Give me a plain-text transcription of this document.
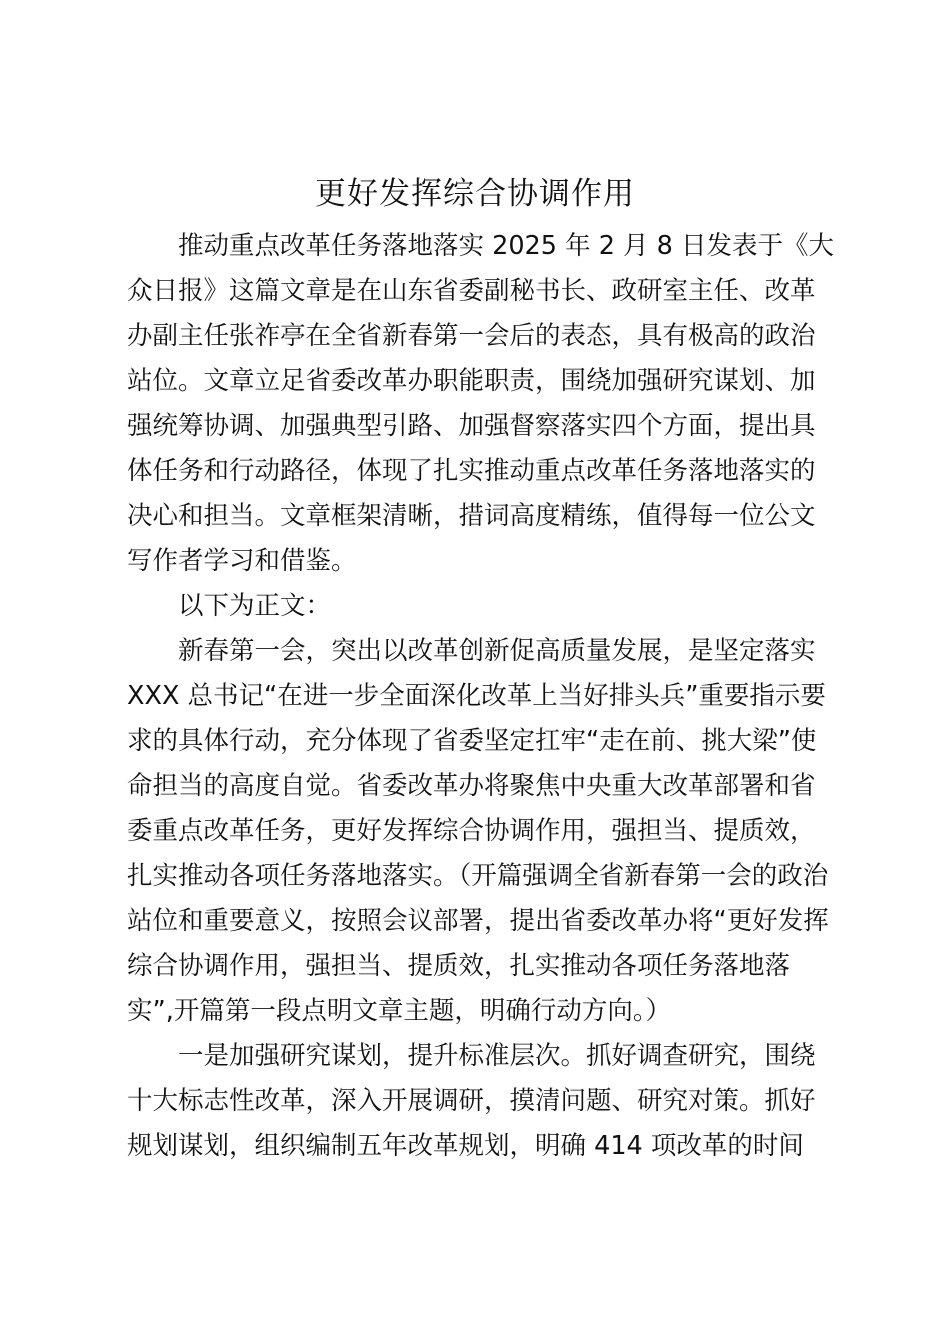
更好发挥综合协调作用

推动重点改革任务落地落实 2025 年 2 月 8 日发表于《大

众日报》这篇文章是在山东省委副秘书长、政研室主任、改革

办副主任张祚亭在全省新春第一会后的表态，具有极高的政治

站位。文章立足省委改革办职能职责，围绕加强研究谋划、加

强统筹协调、加强典型引路、加强督察落实四个方面，提出具

体任务和行动路径，体现了扎实推动重点改革任务落地落实的

决心和担当。文章框架清晰，措词高度精练，值得每一位公文

写作者学习和借鉴。

以下为正文：

新春第一会，突出以改革创新促高质量发展，是坚定落实

XXX 总书记“在进一步全面深化改革上当好排头兵”重要指示要

求的具体行动，充分体现了省委坚定扛牢“走在前、挑大梁”使

命担当的高度自觉。省委改革办将聚焦中央重大改革部署和省

委重点改革任务，更好发挥综合协调作用，强担当、提质效，

扎实推动各项任务落地落实。（开篇强调全省新春第一会的政治

站位和重要意义，按照会议部署，提出省委改革办将“更好发挥

综合协调作用，强担当、提质效，扎实推动各项任务落地落

实”,开篇第一段点明文章主题，明确行动方向。）

一是加强研究谋划，提升标准层次。抓好调查研究，围绕

十大标志性改革，深入开展调研，摸清问题、研究对策。抓好

规划谋划，组织编制五年改革规划，明确 414 项改革的时间
